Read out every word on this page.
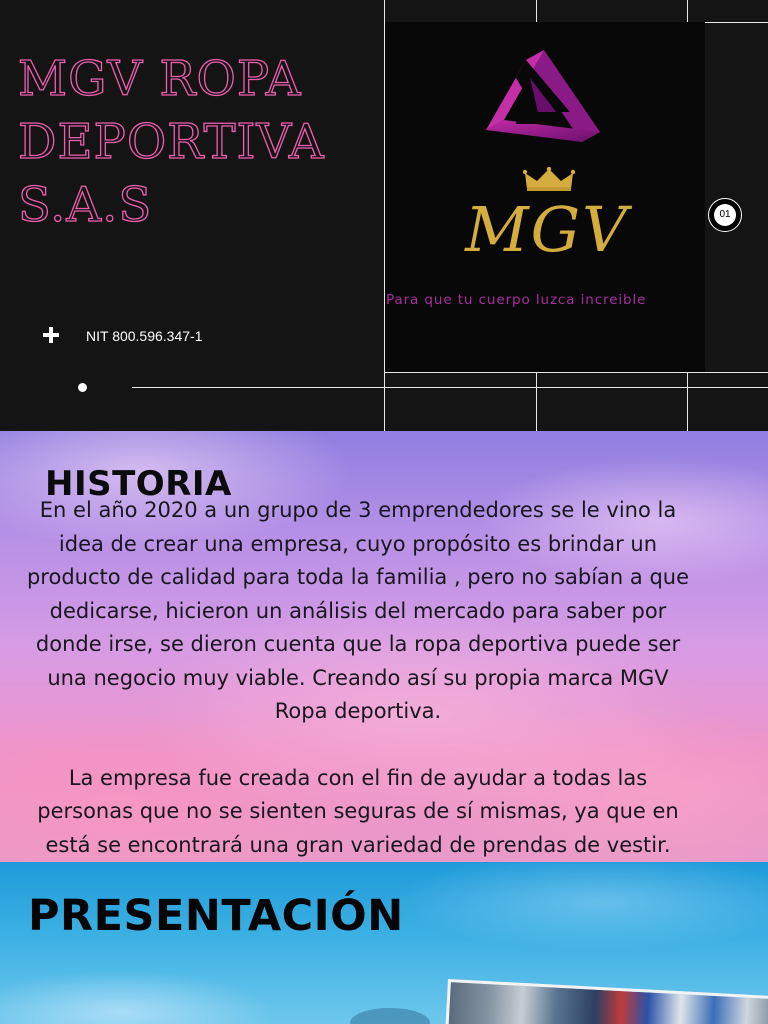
MGV
Para que tu cuerpo luzca increible
MGV ROPA DEPORTIVA S.A.S
NIT 800.596.347-1
01
HISTORIA

En el año 2020 a un grupo de 3 emprendedores se le vino la idea de crear una empresa, cuyo propósito es brindar un producto de calidad para toda la familia , pero no sabían a que dedicarse, hicieron un análisis del mercado para saber por donde irse, se dieron cuenta que la ropa deportiva puede ser una negocio muy viable. Creando así su propia marca MGV Ropa deportiva.

La empresa fue creada con el fin de ayudar a todas las personas que no se sienten seguras de sí mismas, ya que en está se encontrará una gran variedad de prendas de vestir.

PRESENTACIÓN
